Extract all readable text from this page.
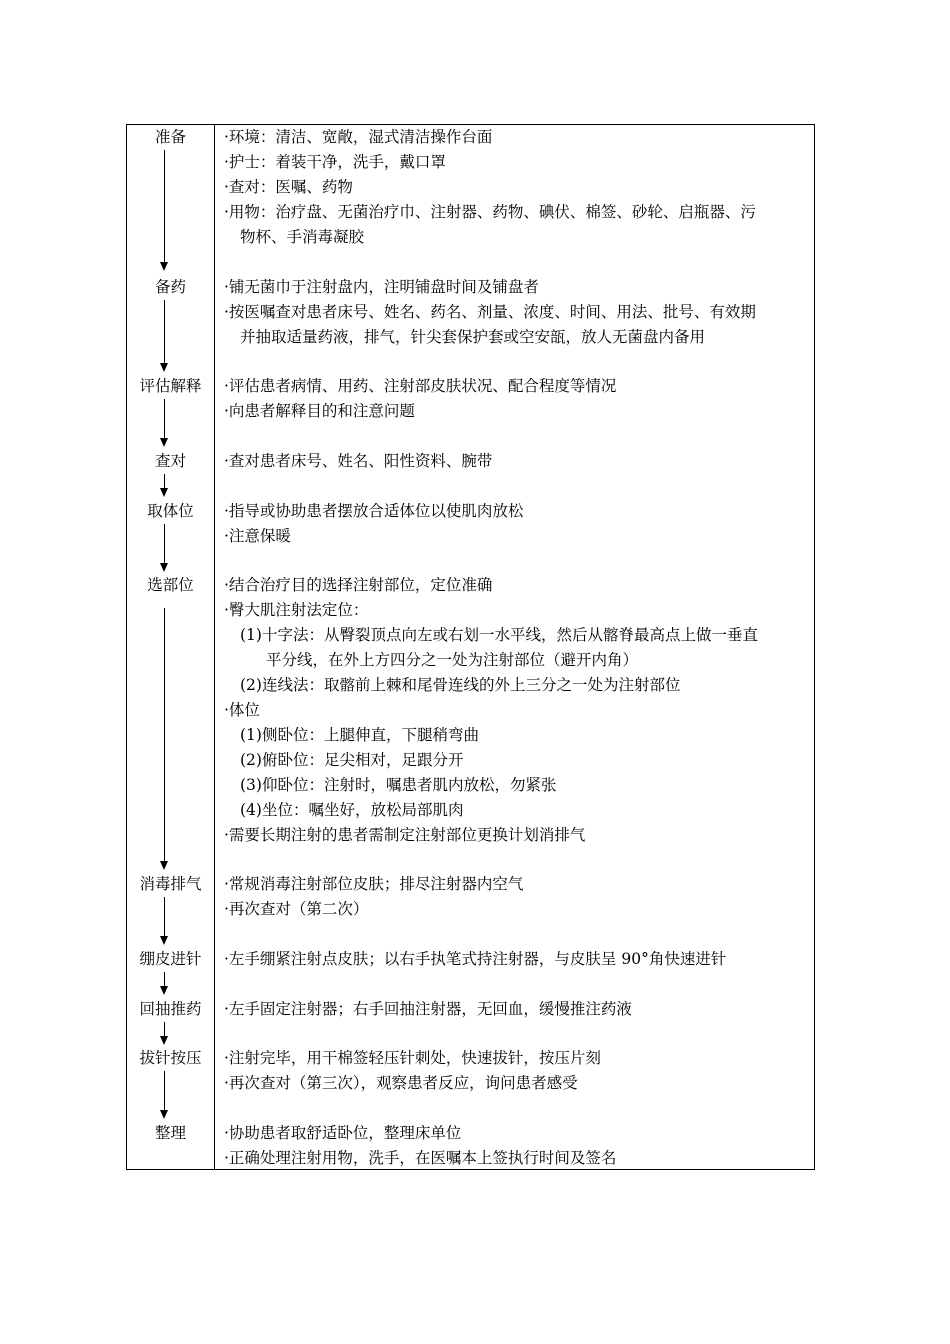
准备
备药
评估解释
查对
取体位
选部位
消毒排气
绷皮进针
回抽推药
拔针按压
整理
·环境：清洁、宽敞，湿式清洁操作台面
·护士：着装干净，洗手，戴口罩
·查对：医嘱、药物
·用物：治疗盘、无菌治疗巾、注射器、药物、碘伏、棉签、砂轮、启瓶器、污
物杯、手消毒凝胶
·铺无菌巾于注射盘内，注明铺盘时间及铺盘者
·按医嘱查对患者床号、姓名、药名、剂量、浓度、时间、用法、批号、有效期
并抽取适量药液，排气，针尖套保护套或空安瓿，放人无菌盘内备用
·评估患者病情、用药、注射部皮肤状况、配合程度等情况
·向患者解释目的和注意问题
·查对患者床号、姓名、阳性资料、腕带
·指导或协助患者摆放合适体位以使肌肉放松
·注意保暖
·结合治疗目的选择注射部位，定位准确
·臀大肌注射法定位：
(1)十字法：从臀裂顶点向左或右划一水平线，然后从髂脊最高点上做一垂直
平分线，在外上方四分之一处为注射部位（避开内角）
(2)连线法：取髂前上棘和尾骨连线的外上三分之一处为注射部位
·体位
(1)侧卧位：上腿伸直，下腿稍弯曲
(2)俯卧位：足尖相对，足跟分开
(3)仰卧位：注射时，嘱患者肌内放松，勿紧张
(4)坐位：嘱坐好，放松局部肌肉
·需要长期注射的患者需制定注射部位更换计划消排气
·常规消毒注射部位皮肤；排尽注射器内空气
·再次查对（第二次）
·左手绷紧注射点皮肤；以右手执笔式持注射器，与皮肤呈 90°角快速进针
·左手固定注射器；右手回抽注射器，无回血，缓慢推注药液
·注射完毕，用干棉签轻压针刺处，快速拔针，按压片刻
·再次查对（第三次），观察患者反应，询问患者感受
·协助患者取舒适卧位，整理床单位
·正确处理注射用物，洗手，在医嘱本上签执行时间及签名
